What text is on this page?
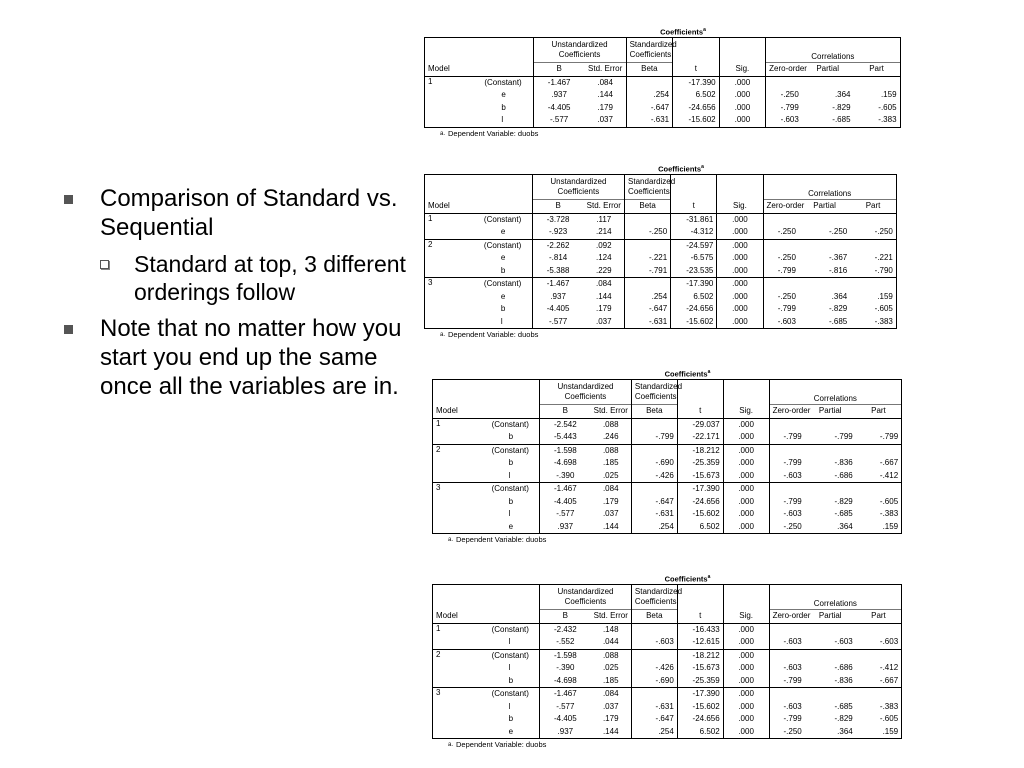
Comparison of Standard vs. Sequential
Standard at top, 3 different orderings follow
Note that no matter how you start you end up the same once all the variables are in.
Coefficients$^a$
		Unstandardized Coefficients		Standardized Coefficients			Correlations		
Model		B	Std. Error	Beta	t	Sig.	Zero-order	Partial	Part
1	(Constant)	-1.467	.084		-17.390	.000			
	e	.937	.144	.254	6.502	.000	-.250	.364	.159
	b	-4.405	.179	-.647	-24.656	.000	-.799	-.829	-.605
	l	-.577	.037	-.631	-15.602	.000	-.603	-.685	-.383
$^{a.}$ Dependent Variable: duobs
Coefficients$^a$
		Unstandardized Coefficients		Standardized Coefficients			Correlations		
Model		B	Std. Error	Beta	t	Sig.	Zero-order	Partial	Part
1	(Constant)	-3.728	.117		-31.861	.000			
	e	-.923	.214	-.250	-4.312	.000	-.250	-.250	-.250
2	(Constant)	-2.262	.092		-24.597	.000			
	e	-.814	.124	-.221	-6.575	.000	-.250	-.367	-.221
	b	-5.388	.229	-.791	-23.535	.000	-.799	-.816	-.790
3	(Constant)	-1.467	.084		-17.390	.000			
	e	.937	.144	.254	6.502	.000	-.250	.364	.159
	b	-4.405	.179	-.647	-24.656	.000	-.799	-.829	-.605
	l	-.577	.037	-.631	-15.602	.000	-.603	-.685	-.383
$^{a.}$ Dependent Variable: duobs
Coefficients$^a$
		Unstandardized Coefficients		Standardized Coefficients			Correlations		
Model		B	Std. Error	Beta	t	Sig.	Zero-order	Partial	Part
1	(Constant)	-2.542	.088		-29.037	.000			
	b	-5.443	.246	-.799	-22.171	.000	-.799	-.799	-.799
2	(Constant)	-1.598	.088		-18.212	.000			
	b	-4.698	.185	-.690	-25.359	.000	-.799	-.836	-.667
	l	-.390	.025	-.426	-15.673	.000	-.603	-.686	-.412
3	(Constant)	-1.467	.084		-17.390	.000			
	b	-4.405	.179	-.647	-24.656	.000	-.799	-.829	-.605
	l	-.577	.037	-.631	-15.602	.000	-.603	-.685	-.383
	e	.937	.144	.254	6.502	.000	-.250	.364	.159
$^{a.}$ Dependent Variable: duobs
Coefficients$^a$
		Unstandardized Coefficients		Standardized Coefficients			Correlations		
Model		B	Std. Error	Beta	t	Sig.	Zero-order	Partial	Part
1	(Constant)	-2.432	.148		-16.433	.000			
	l	-.552	.044	-.603	-12.615	.000	-.603	-.603	-.603
2	(Constant)	-1.598	.088		-18.212	.000			
	l	-.390	.025	-.426	-15.673	.000	-.603	-.686	-.412
	b	-4.698	.185	-.690	-25.359	.000	-.799	-.836	-.667
3	(Constant)	-1.467	.084		-17.390	.000			
	l	-.577	.037	-.631	-15.602	.000	-.603	-.685	-.383
	b	-4.405	.179	-.647	-24.656	.000	-.799	-.829	-.605
	e	.937	.144	.254	6.502	.000	-.250	.364	.159
$^{a.}$ Dependent Variable: duobs
